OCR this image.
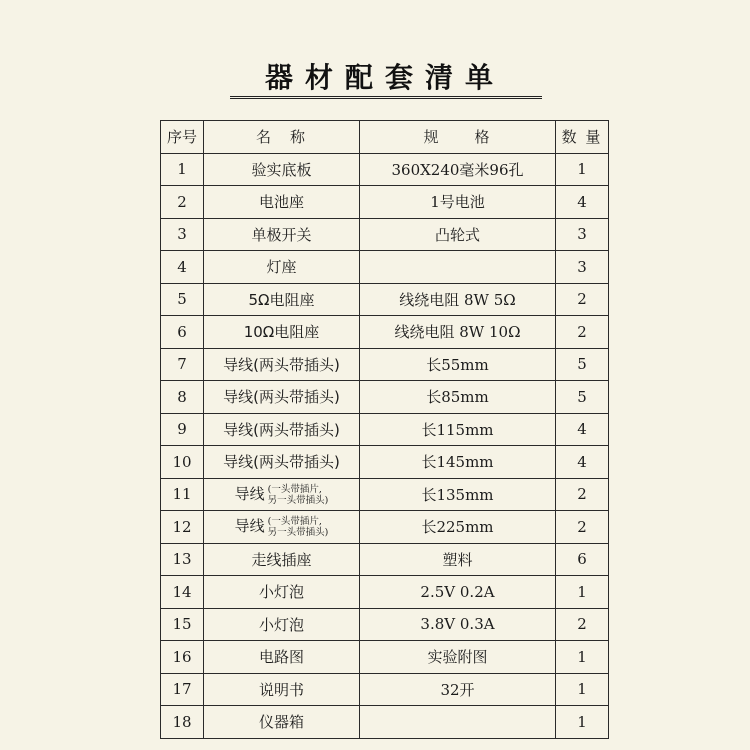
器材配套清单
序号	名　称	规　　格	数 量
1	验实底板	360X240毫米96孔	1
2	电池座	1号电池	4
3	单极开关	凸轮式	3
4	灯座		3
5	5Ω电阻座	线绕电阻 8W 5Ω	2
6	10Ω电阻座	线绕电阻 8W 10Ω	2
7	导线(两头带插头)	长55mm	5
8	导线(两头带插头)	长85mm	5
9	导线(两头带插头)	长115mm	4
10	导线(两头带插头)	长145mm	4
11	导线 (一头带插片,
另一头带插头)	长135mm	2
12	导线 (一头带插片,
另一头带插头)	长225mm	2
13	走线插座	塑料	6
14	小灯泡	2.5V 0.2A	1
15	小灯泡	3.8V 0.3A	2
16	电路图	实验附图	1
17	说明书	32开	1
18	仪器箱		1
